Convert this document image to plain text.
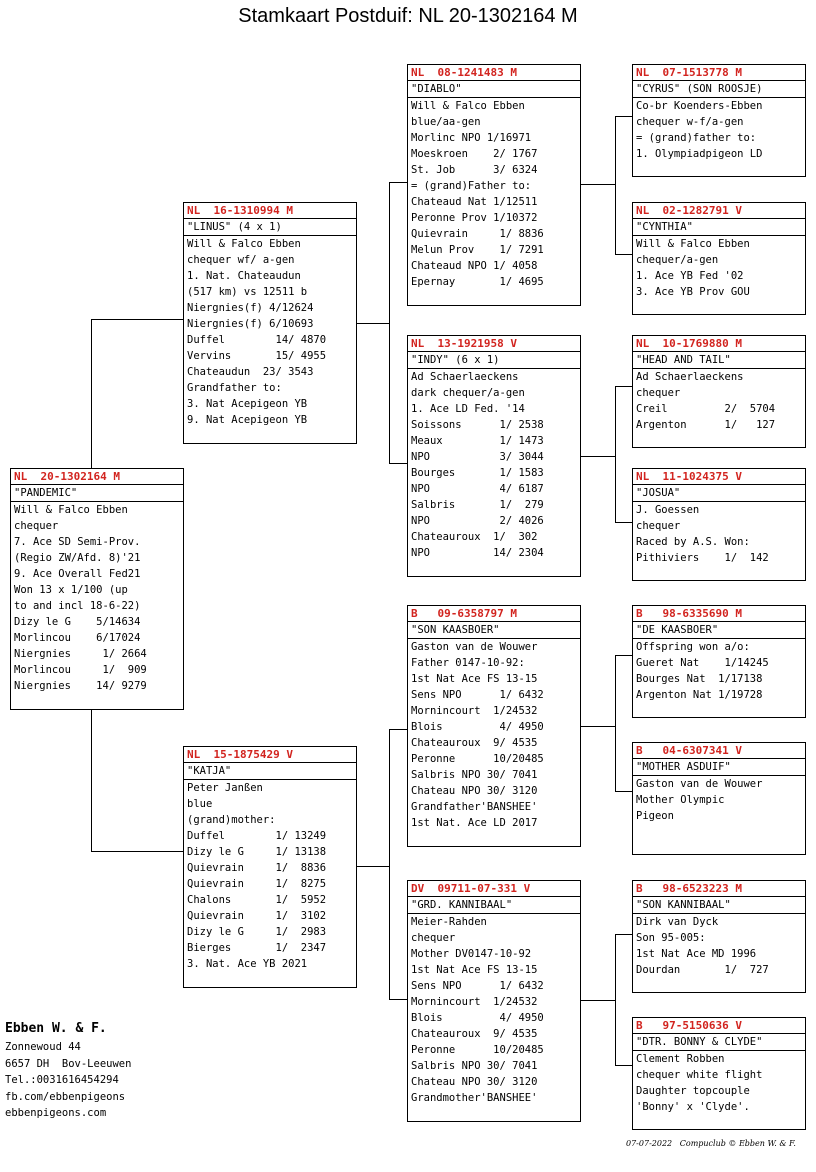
Stamkaart Postduif: NL 20-1302164 M
NL  20-1302164 M
"PANDEMIC"
Will & Falco Ebben
chequer
7. Ace SD Semi-Prov.
(Regio ZW/Afd. 8)'21
9. Ace Overall Fed21
Won 13 x 1/100 (up
to and incl 18-6-22)
Dizy le G    5/14634
Morlincou    6/17024
Niergnies     1/ 2664
Morlincou     1/  909
Niergnies    14/ 9279
NL  16-1310994 M
"LINUS" (4 x 1)
Will & Falco Ebben
chequer wf/ a-gen
1. Nat. Chateaudun
(517 km) vs 12511 b
Niergnies(f) 4/12624
Niergnies(f) 6/10693
Duffel        14/ 4870
Vervins       15/ 4955
Chateaudun  23/ 3543
Grandfather to:
3. Nat Acepigeon YB
9. Nat Acepigeon YB
NL  15-1875429 V
"KATJA"
Peter Janßen
blue
(grand)mother:
Duffel        1/ 13249
Dizy le G     1/ 13138
Quievrain     1/  8836
Quievrain     1/  8275
Chalons       1/  5952
Quievrain     1/  3102
Dizy le G     1/  2983
Bierges       1/  2347
3. Nat. Ace YB 2021
NL  08-1241483 M
"DIABLO"
Will & Falco Ebben
blue/aa-gen
Morlinc NPO 1/16971
Moeskroen    2/ 1767
St. Job      3/ 6324
= (grand)Father to:
Chateaud Nat 1/12511
Peronne Prov 1/10372
Quievrain     1/ 8836
Melun Prov    1/ 7291
Chateaud NPO 1/ 4058
Epernay       1/ 4695
NL  13-1921958 V
"INDY" (6 x 1)
Ad Schaerlaeckens
dark chequer/a-gen
1. Ace LD Fed. '14
Soissons      1/ 2538
Meaux         1/ 1473
NPO           3/ 3044
Bourges       1/ 1583
NPO           4/ 6187
Salbris       1/  279
NPO           2/ 4026
Chateauroux  1/  302
NPO          14/ 2304
B   09-6358797 M
"SON KAASBOER"
Gaston van de Wouwer
Father 0147-10-92:
1st Nat Ace FS 13-15
Sens NPO      1/ 6432
Mornincourt  1/24532
Blois         4/ 4950
Chateauroux  9/ 4535
Peronne      10/20485
Salbris NPO 30/ 7041
Chateau NPO 30/ 3120
Grandfather'BANSHEE'
1st Nat. Ace LD 2017
DV  09711-07-331 V
"GRD. KANNIBAAL"
Meier-Rahden
chequer
Mother DV0147-10-92
1st Nat Ace FS 13-15
Sens NPO      1/ 6432
Mornincourt  1/24532
Blois         4/ 4950
Chateauroux  9/ 4535
Peronne      10/20485
Salbris NPO 30/ 7041
Chateau NPO 30/ 3120
Grandmother'BANSHEE'
NL  07-1513778 M
"CYRUS" (SON ROOSJE)
Co-br Koenders-Ebben
chequer w-f/a-gen
= (grand)father to:
1. Olympiadpigeon LD
NL  02-1282791 V
"CYNTHIA"
Will & Falco Ebben
chequer/a-gen
1. Ace YB Fed '02
3. Ace YB Prov GOU
NL  10-1769880 M
"HEAD AND TAIL"
Ad Schaerlaeckens
chequer
Creil         2/  5704
Argenton      1/   127
NL  11-1024375 V
"JOSUA"
J. Goessen
chequer
Raced by A.S. Won:
Pithiviers    1/  142
B   98-6335690 M
"DE KAASBOER"
Offspring won a/o:
Gueret Nat    1/14245
Bourges Nat  1/17138
Argenton Nat 1/19728
B   04-6307341 V
"MOTHER ASDUIF"
Gaston van de Wouwer
Mother Olympic
Pigeon
B   98-6523223 M
"SON KANNIBAAL"
Dirk van Dyck
Son 95-005:
1st Nat Ace MD 1996
Dourdan       1/  727
B   97-5150636 V
"DTR. BONNY & CLYDE"
Clement Robben
chequer white flight
Daughter topcouple
'Bonny' x 'Clyde'.
Ebben W. & F.
Zonnewoud 44
6657 DH  Bov-Leeuwen
Tel.:0031616454294
fb.com/ebbenpigeons
ebbenpigeons.com
07-07-2022   Compuclub © Ebben W. & F.
